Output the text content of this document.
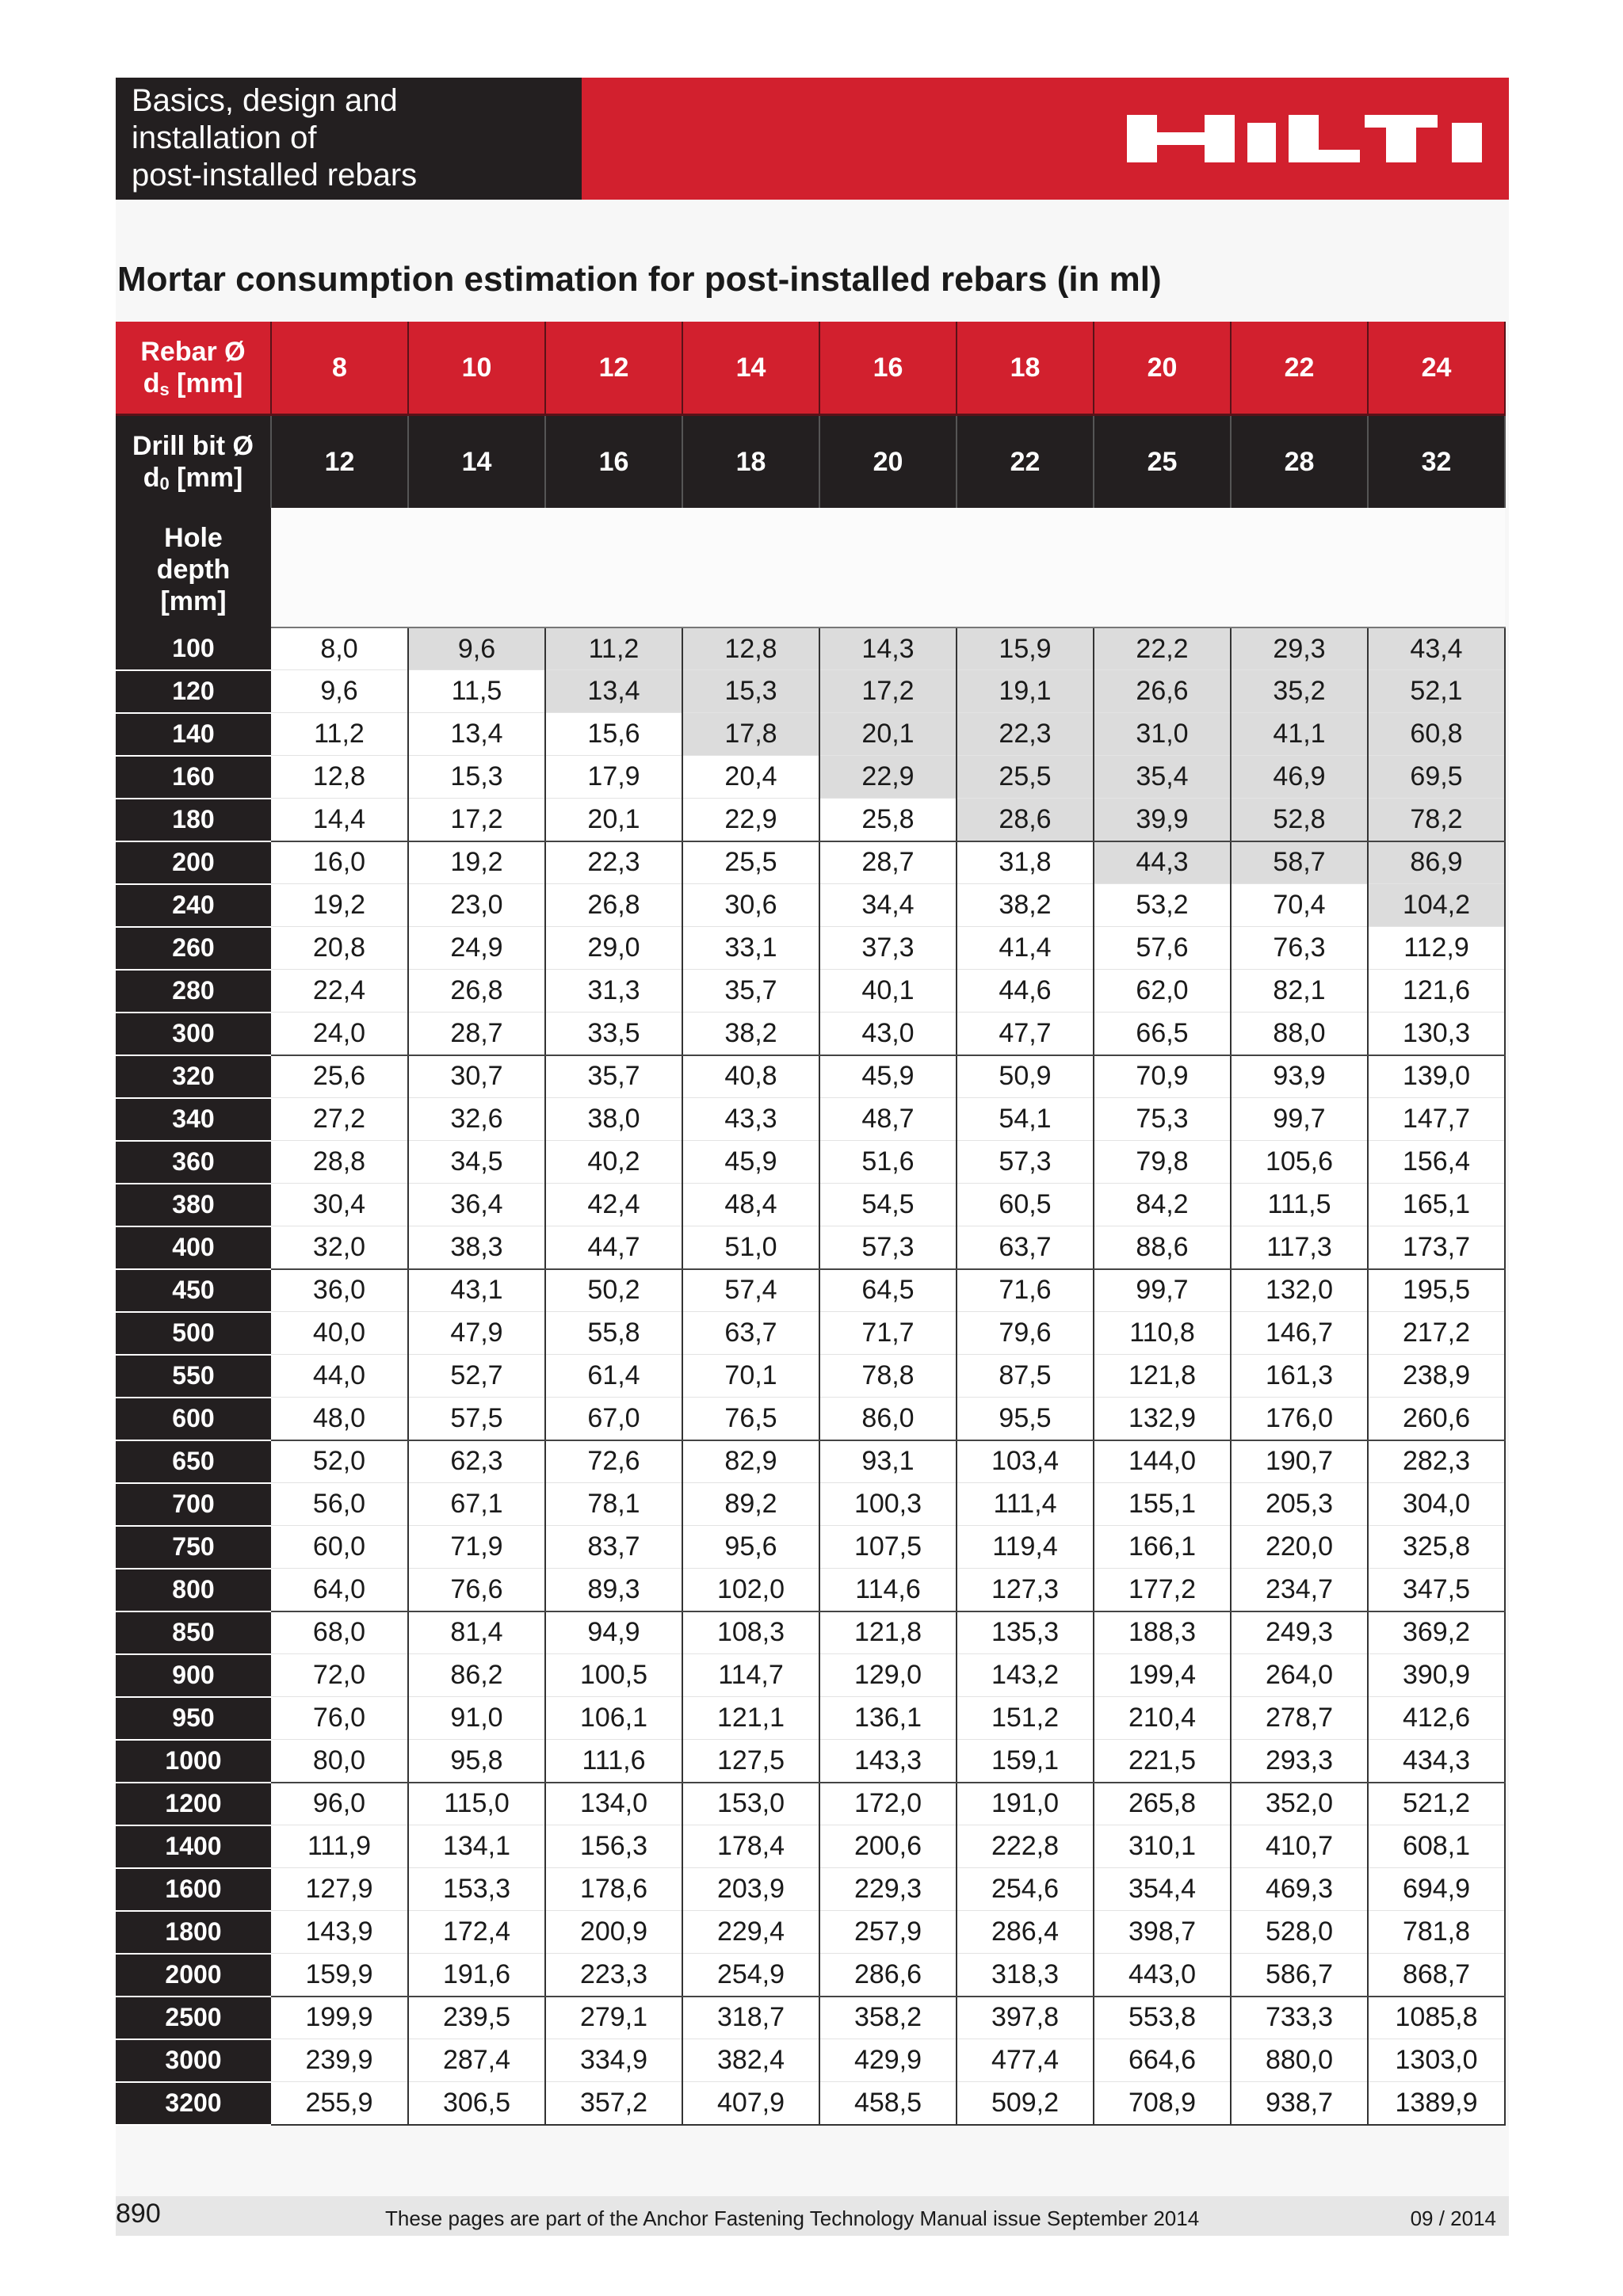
Basics, design and
installation of
post-installed rebars
Mortar consumption estimation for post-installed rebars (in ml)
Rebar Ø
$d_s$ [mm]	8	10	12	14	16	18	20	22	24
Drill bit Ø
$d_0$ [mm]	12	14	16	18	20	22	25	28	32
Hole
depth
[mm]									
100	8,0	9,6	11,2	12,8	14,3	15,9	22,2	29,3	43,4
120	9,6	11,5	13,4	15,3	17,2	19,1	26,6	35,2	52,1
140	11,2	13,4	15,6	17,8	20,1	22,3	31,0	41,1	60,8
160	12,8	15,3	17,9	20,4	22,9	25,5	35,4	46,9	69,5
180	14,4	17,2	20,1	22,9	25,8	28,6	39,9	52,8	78,2
200	16,0	19,2	22,3	25,5	28,7	31,8	44,3	58,7	86,9
240	19,2	23,0	26,8	30,6	34,4	38,2	53,2	70,4	104,2
260	20,8	24,9	29,0	33,1	37,3	41,4	57,6	76,3	112,9
280	22,4	26,8	31,3	35,7	40,1	44,6	62,0	82,1	121,6
300	24,0	28,7	33,5	38,2	43,0	47,7	66,5	88,0	130,3
320	25,6	30,7	35,7	40,8	45,9	50,9	70,9	93,9	139,0
340	27,2	32,6	38,0	43,3	48,7	54,1	75,3	99,7	147,7
360	28,8	34,5	40,2	45,9	51,6	57,3	79,8	105,6	156,4
380	30,4	36,4	42,4	48,4	54,5	60,5	84,2	111,5	165,1
400	32,0	38,3	44,7	51,0	57,3	63,7	88,6	117,3	173,7
450	36,0	43,1	50,2	57,4	64,5	71,6	99,7	132,0	195,5
500	40,0	47,9	55,8	63,7	71,7	79,6	110,8	146,7	217,2
550	44,0	52,7	61,4	70,1	78,8	87,5	121,8	161,3	238,9
600	48,0	57,5	67,0	76,5	86,0	95,5	132,9	176,0	260,6
650	52,0	62,3	72,6	82,9	93,1	103,4	144,0	190,7	282,3
700	56,0	67,1	78,1	89,2	100,3	111,4	155,1	205,3	304,0
750	60,0	71,9	83,7	95,6	107,5	119,4	166,1	220,0	325,8
800	64,0	76,6	89,3	102,0	114,6	127,3	177,2	234,7	347,5
850	68,0	81,4	94,9	108,3	121,8	135,3	188,3	249,3	369,2
900	72,0	86,2	100,5	114,7	129,0	143,2	199,4	264,0	390,9
950	76,0	91,0	106,1	121,1	136,1	151,2	210,4	278,7	412,6
1000	80,0	95,8	111,6	127,5	143,3	159,1	221,5	293,3	434,3
1200	96,0	115,0	134,0	153,0	172,0	191,0	265,8	352,0	521,2
1400	111,9	134,1	156,3	178,4	200,6	222,8	310,1	410,7	608,1
1600	127,9	153,3	178,6	203,9	229,3	254,6	354,4	469,3	694,9
1800	143,9	172,4	200,9	229,4	257,9	286,4	398,7	528,0	781,8
2000	159,9	191,6	223,3	254,9	286,6	318,3	443,0	586,7	868,7
2500	199,9	239,5	279,1	318,7	358,2	397,8	553,8	733,3	1085,8
3000	239,9	287,4	334,9	382,4	429,9	477,4	664,6	880,0	1303,0
3200	255,9	306,5	357,2	407,9	458,5	509,2	708,9	938,7	1389,9
890	These pages are part of the Anchor Fastening Technology Manual issue September 2014	09 / 2014
